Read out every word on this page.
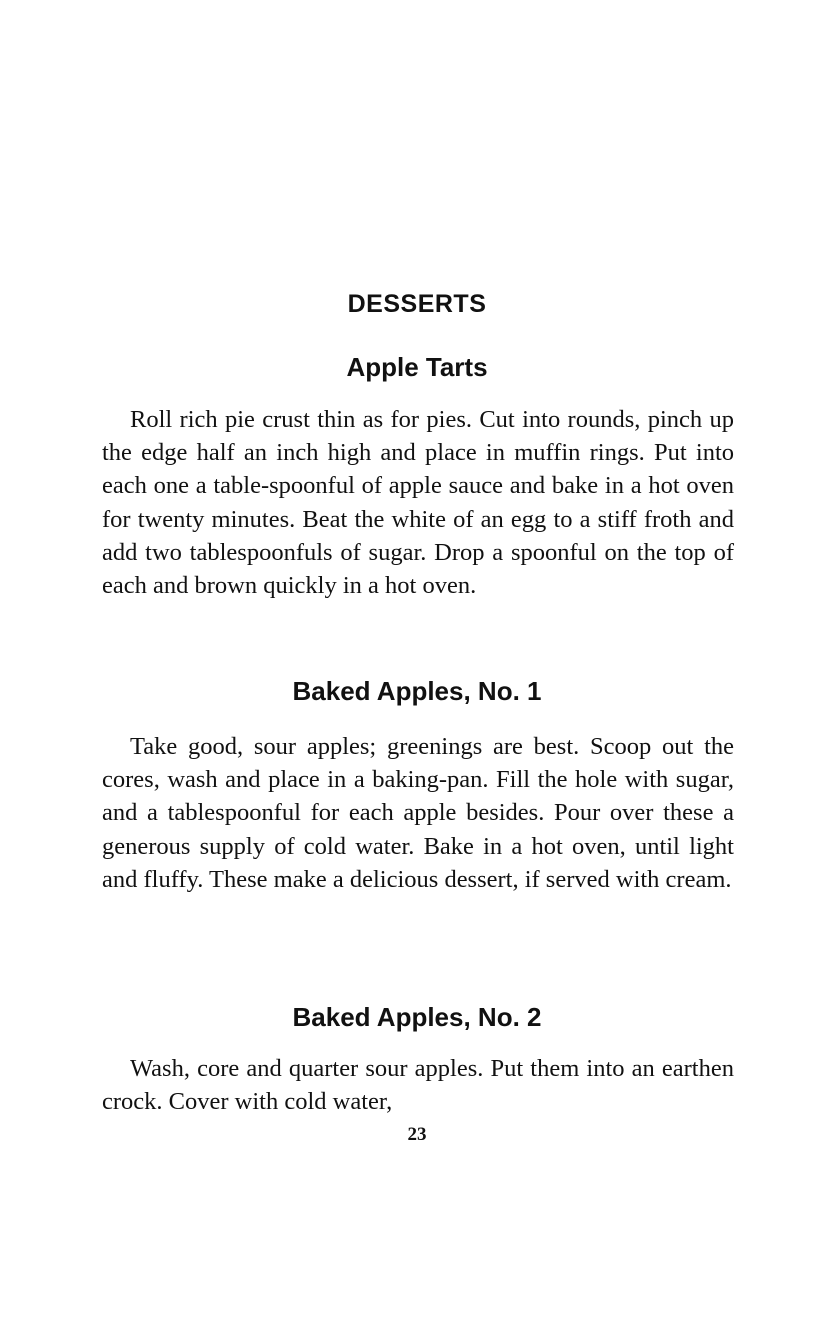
DESSERTS
Apple Tarts

Roll rich pie crust thin as for pies. Cut into rounds, pinch up the edge half an inch high and place in muffin rings. Put into each one a table-spoonful of apple sauce and bake in a hot oven for twenty minutes. Beat the white of an egg to a stiff froth and add two tablespoonfuls of sugar. Drop a spoonful on the top of each and brown quickly in a hot oven.

Baked Apples, No. 1

Take good, sour apples; greenings are best. Scoop out the cores, wash and place in a baking-pan. Fill the hole with sugar, and a tablespoonful for each apple besides. Pour over these a generous supply of cold water. Bake in a hot oven, until light and fluffy. These make a delicious dessert, if served with cream.

Baked Apples, No. 2

Wash, core and quarter sour apples. Put them into an earthen crock. Cover with cold water,

23
